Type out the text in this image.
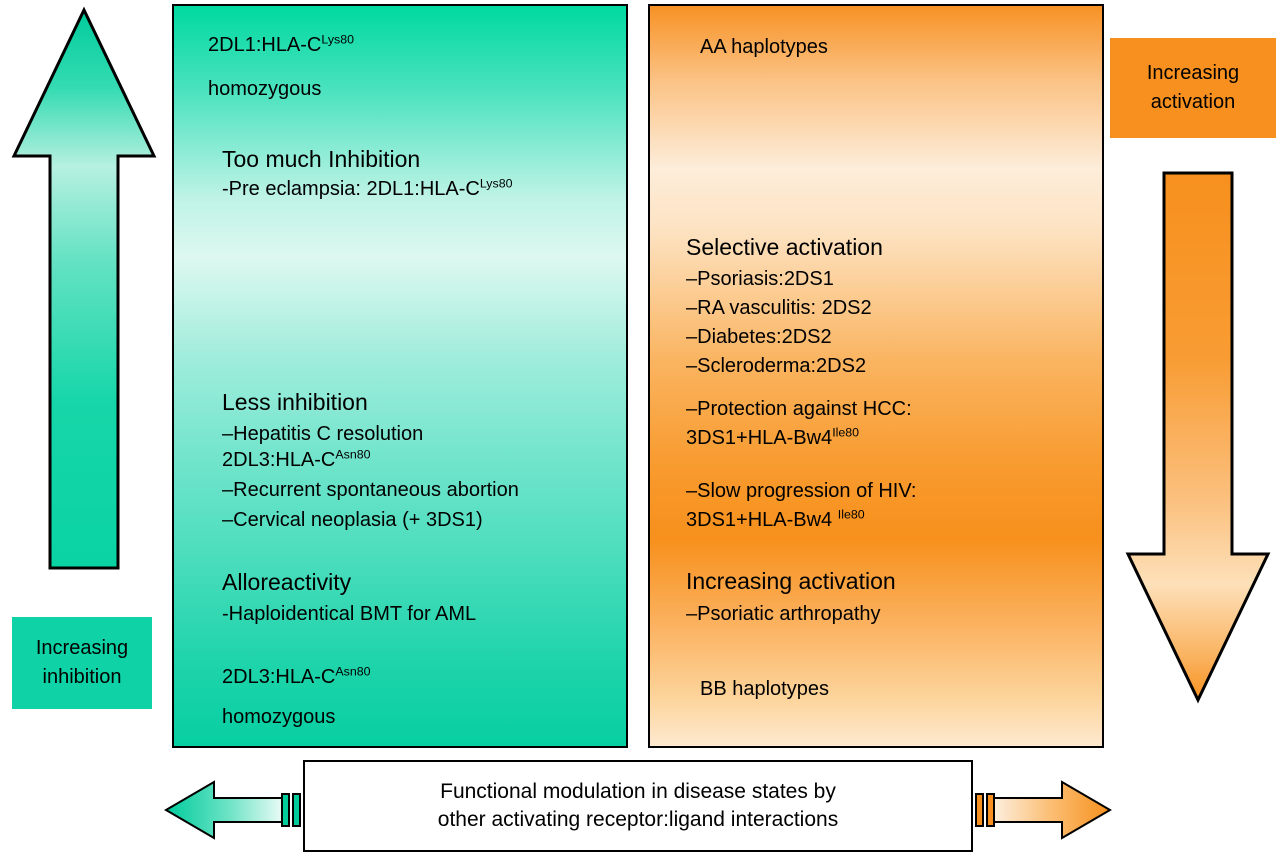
$2DL1:HLA-C^{Lys80}$
homozygous
Too much Inhibition
-Pre eclampsia: $2DL1:HLA-C^{Lys80}$
Less inhibition
–Hepatitis C resolution
$2DL3:HLA-C^{Asn80}$
–Recurrent spontaneous abortion
–Cervical neoplasia (+ 3DS1)
Alloreactivity
-Haploidentical BMT for AML
$2DL3:HLA-C^{Asn80}$
homozygous
AA haplotypes
Selective activation
–Psoriasis:2DS1
–RA vasculitis: 2DS2
–Diabetes:2DS2
–Scleroderma:2DS2
–Protection against HCC:
$3DS1+HLA-Bw4^{Ile80}$
–Slow progression of HIV:
3DS1+HLA-Bw4 $^{Ile80}$
Increasing activation
–Psoriatic arthropathy
BB haplotypes
Increasing
inhibition
Increasing
activation
Functional modulation in disease states by
other activating receptor:ligand interactions
